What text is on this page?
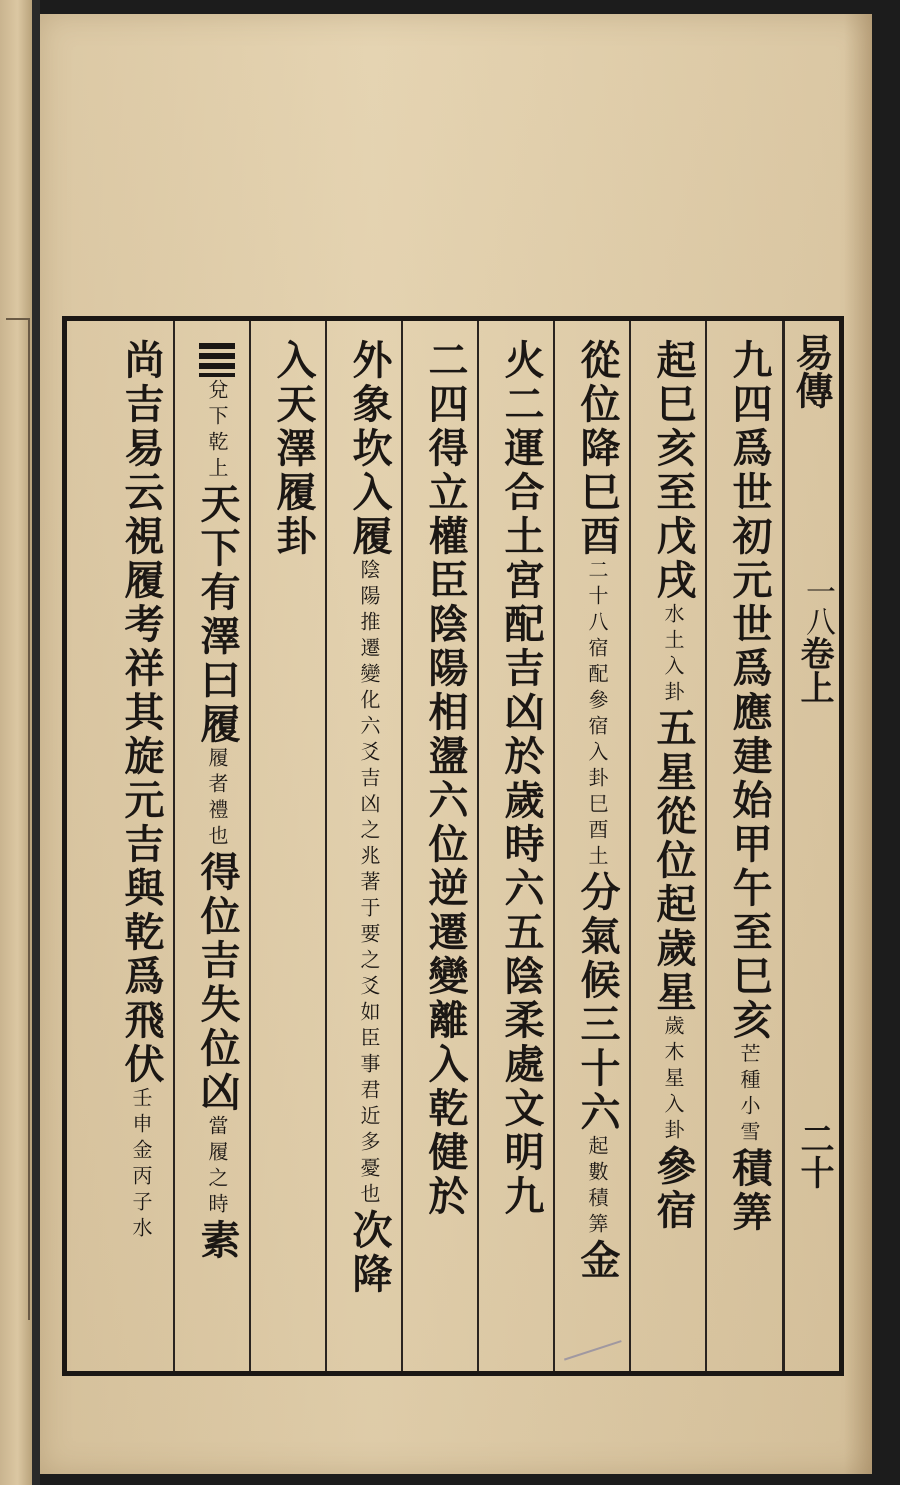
易傳
一八
卷上
二十
九四爲世初元世爲應建始甲午至巳亥芒種小雪積筭
起巳亥至戊戌水土入卦五星從位起歲星歲木星入卦參宿
從位降巳酉二十八宿配參宿入卦巳酉土分氣候三十六起數積筭金
火二運合土宮配吉凶於歲時六五陰柔處文明九
二四得立權臣陰陽相盪六位逆遷變離入乾健於
外象坎入履陰陽推遷變化六爻吉凶之兆著于要之爻如臣事君近多憂也次降
入天澤履卦
兌下乾上天下有澤曰履履者禮也得位吉失位凶當履之時素
尚吉易云視履考祥其旋元吉與乾爲飛伏壬申金丙子水
